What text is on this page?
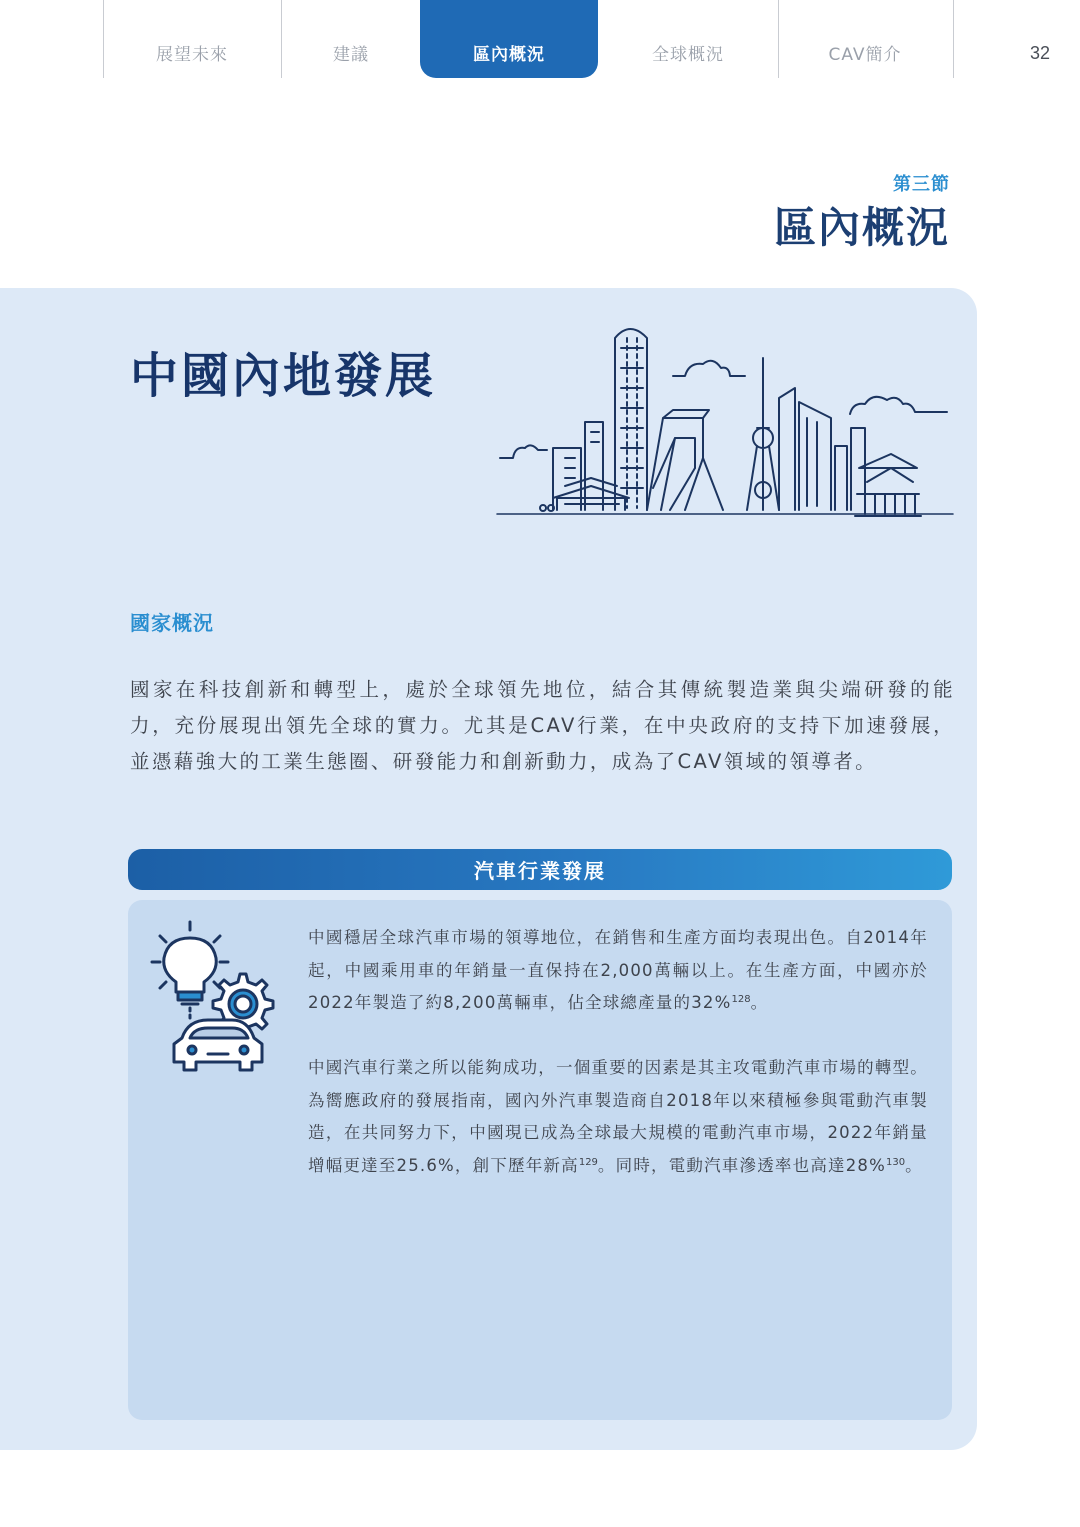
展望未來	建議	區內概況	全球概況	CAV簡介	32
第三節
區內概況
中國內地發展
國家概況
國家在科技創新和轉型上，處於全球領先地位，結合其傳統製造業與尖端研發的能力，充份展現出領先全球的實力。尤其是CAV行業，在中央政府的支持下加速發展，並憑藉強大的工業生態圈、研發能力和創新動力，成為了CAV領域的領導者。
汽車行業發展
中國穩居全球汽車市場的領導地位，在銷售和生產方面均表現出色。自2014年起，中國乘用車的年銷量一直保持在2,000萬輛以上。在生產方面，中國亦於2022年製造了約8,200萬輛車，佔全球總產量的32%$^{128}$。
中國汽車行業之所以能夠成功，一個重要的因素是其主攻電動汽車市場的轉型。為嚮應政府的發展指南，國內外汽車製造商自2018年以來積極參與電動汽車製造，在共同努力下，中國現已成為全球最大規模的電動汽車市場，2022年銷量增幅更達至25.6%，創下歷年新高$^{129}$。同時，電動汽車滲透率也高達28%$^{130}$。
